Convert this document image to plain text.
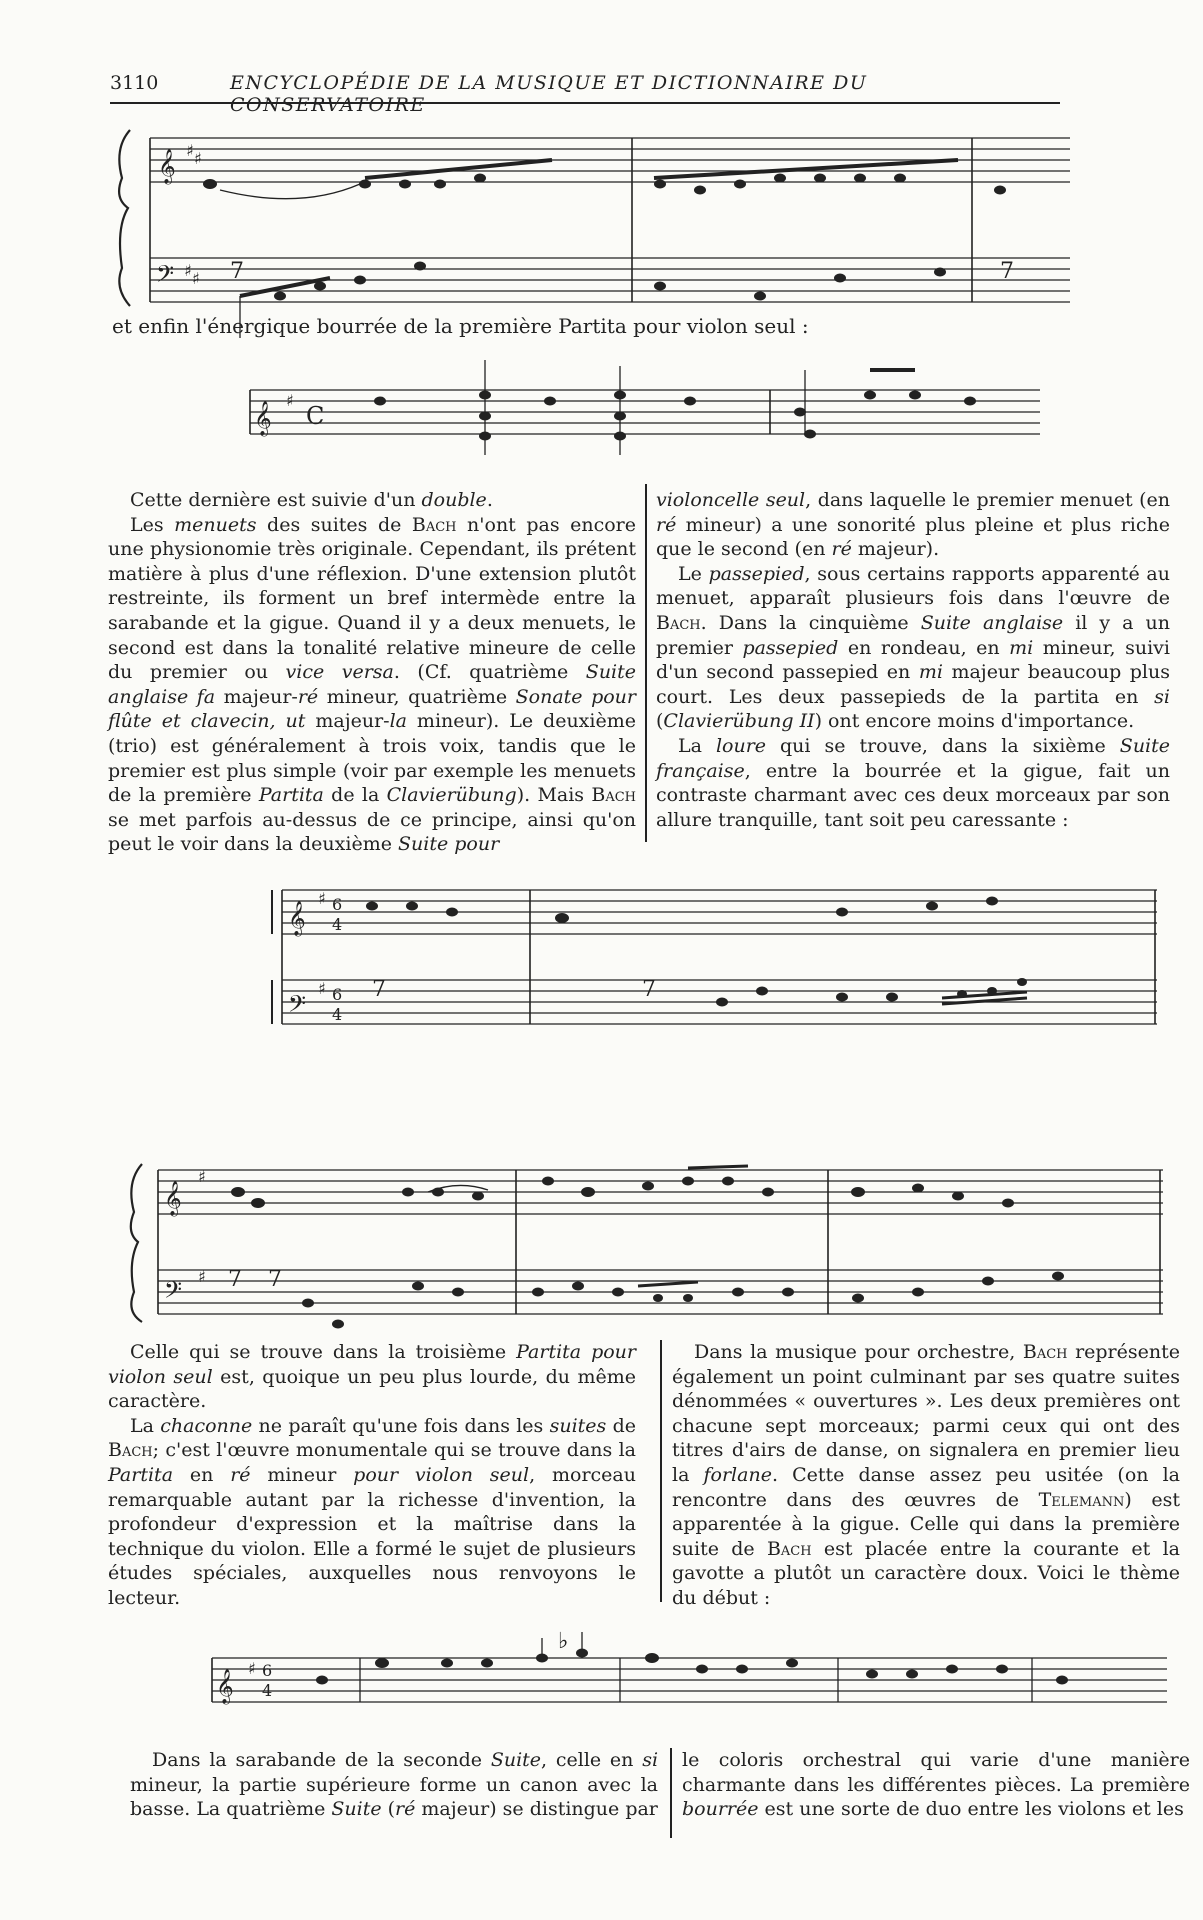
3110	ENCYCLOPÉDIE DE LA MUSIQUE ET DICTIONNAIRE DU CONSERVATOIRE
𝄞
𝄢
♯ ♯
♯ ♯ 7	7

et enfin l'énergique bourrée de la première Partita pour violon seul :

𝄞
♯
C

Cette dernière est suivie d'un double.

Les menuets des suites de Bach n'ont pas encore une physionomie très originale. Cependant, ils prétent matière à plus d'une réflexion. D'une extension plutôt restreinte, ils forment un bref intermède entre la sarabande et la gigue. Quand il y a deux menuets, le second est dans la tonalité relative mineure de celle du premier ou vice versa. (Cf. quatrième Suite anglaise fa majeur-ré mineur, quatrième Sonate pour flûte et clavecin, ut majeur-la mineur). Le deuxième (trio) est généralement à trois voix, tandis que le premier est plus simple (voir par exemple les menuets de la première Partita de la Clavierübung). Mais Bach se met parfois au-dessus de ce principe, ainsi qu'on peut le voir dans la deuxième Suite pour

violoncelle seul, dans laquelle le premier menuet (en ré mineur) a une sonorité plus pleine et plus riche que le second (en ré majeur).

Le passepied, sous certains rapports apparenté au menuet, apparaît plusieurs fois dans l'œuvre de Bach. Dans la cinquième Suite anglaise il y a un premier passepied en rondeau, en mi mineur, suivi d'un second passepied en mi majeur beaucoup plus court. Les deux passepieds de la partita en si (Clavierübung II) ont encore moins d'importance.

La loure qui se trouve, dans la sixième Suite française, entre la bourrée et la gigue, fait un contraste charmant avec ces deux morceaux par son allure tranquille, tant soit peu caressante :

𝄞
𝄢
♯
♯
6
4
6
4
7	7
𝄞
𝄢
♯
♯ 7 7

Celle qui se trouve dans la troisième Partita pour violon seul est, quoique un peu plus lourde, du même caractère.

La chaconne ne paraît qu'une fois dans les suites de Bach; c'est l'œuvre monumentale qui se trouve dans la Partita en ré mineur pour violon seul, morceau remarquable autant par la richesse d'invention, la profondeur d'expression et la maîtrise dans la technique du violon. Elle a formé le sujet de plusieurs études spéciales, auxquelles nous renvoyons le lecteur.

Dans la musique pour orchestre, Bach représente également un point culminant par ses quatre suites dénommées « ouvertures ». Les deux premières ont chacune sept morceaux; parmi ceux qui ont des titres d'airs de danse, on signalera en premier lieu la forlane. Cette danse assez peu usitée (on la rencontre dans des œuvres de Telemann) est apparentée à la gigue. Celle qui dans la première suite de Bach est placée entre la courante et la gavotte a plutôt un caractère doux. Voici le thème du début :

𝄞
♯ 6
4
♭

Dans la sarabande de la seconde Suite, celle en si mineur, la partie supérieure forme un canon avec la basse. La quatrième Suite (ré majeur) se distingue par

le coloris orchestral qui varie d'une manière charmante dans les différentes pièces. La première bourrée est une sorte de duo entre les violons et les
